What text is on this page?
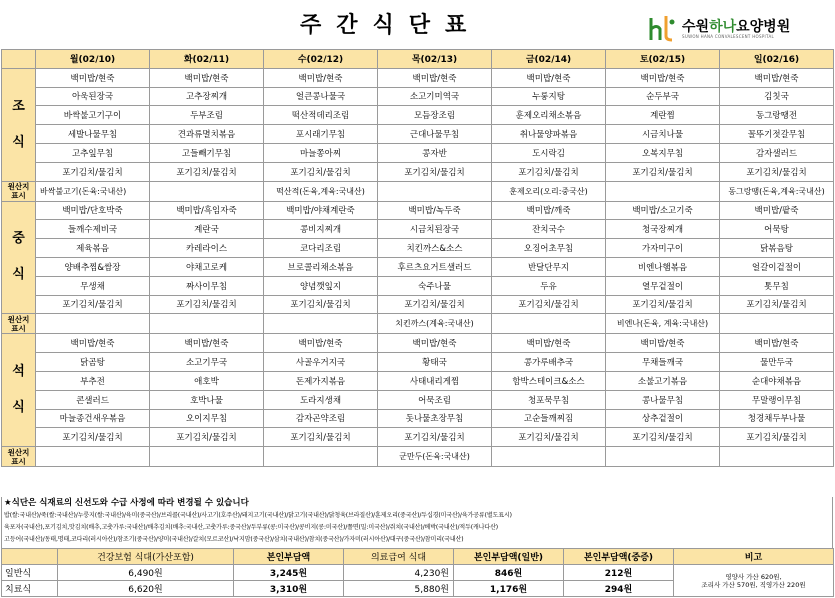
주간식단표	수원하나요양병원
SUWON HANA CONVALESCENT HOSPITAL
	월(02/10)	화(02/11)	수(02/12)	목(02/13)	금(02/14)	토(02/15)	일(02/16)
조

식	백미밥/현죽	백미밥/현죽	백미밥/현죽	백미밥/현죽	백미밥/현죽	백미밥/현죽	백미밥/현죽
	아욱된장국	고추장찌개	얼큰콩나물국	소고기미역국	누룽지탕	순두부국	김칫국
	바싹불고기구이	두부조림	떡산적데리조림	모듬장조림	훈제오리채소볶음	계란찜	동그랑땡전
	세발나물무침	견과류멸치볶음	포시래기무침	근대나물무침	취나물양파볶음	시금치나물	꼴뚜기젓갈무침
	고추잎무침	고들빼기무침	마늘쫑아찌	콩자반	도시락김	오복지무침	감자샐러드
	포기김치/물김치	포기김치/물김치	포기김치/물김치	포기김치/물김치	포기김치/물김치	포기김치/물김치	포기김치/물김치
원산지
표시	바싹불고기(돈육:국내산)		떡산적(돈육,계육:국내산)		훈제오리(오리:중국산)		동그랑땡(돈육,계육:국내산)
중

식	백미밥/단호박죽	백미밥/흑임자죽	백미밥/야채계란죽	백미밥/녹두죽	백미밥/깨죽	백미밥/소고기죽	백미밥/팥죽
	들깨수제비국	계란국	콩비지찌개	시금치된장국	잔치국수	청국장찌개	어묵탕
	제육볶음	카레라이스	코다리조림	치킨까스&소스	오징어초무침	가자미구이	닭볶음탕
	양배추찜&쌈장	야채고로케	브로콜리채소볶음	후르츠요거트샐러드	반달단무지	비엔나햄볶음	얼갈이겉절이
	무생채	짜사이무침	양념깻잎지	숙주나물	두유	열무겉절이	톳무침
	포기김치/물김치	포기김치/물김치	포기김치/물김치	포기김치/물김치	포기김치/물김치	포기김치/물김치	포기김치/물김치
원산지
표시				치킨까스(계육:국내산)		비엔나(돈육, 계육:국내산)	
석

식	백미밥/현죽	백미밥/현죽	백미밥/현죽	백미밥/현죽	백미밥/현죽	백미밥/현죽	백미밥/현죽
	닭곰탕	소고기무국	사골우거지국	황태국	콩가루배추국	무채들깨국	물만두국
	부추전	애호박	돈제가지볶음	사태내리게찜	함박스테이크&소스	소불고기볶음	순대야채볶음
	콘샐러드	호박나물	도라지생채	어묵조림	청포묵무침	콩나물무침	무말랭이무침
	마늘종건새우볶음	오이지무침	감자곤약조림	돗나물초장무침	고순들깨찌짐	상추겉절이	청경채두부나물
	포기김치/물김치	포기김치/물김치	포기김치/물김치	포기김치/물김치	포기김치/물김치	포기김치/물김치	포기김치/물김치
원산지
표시				군만두(돈육:국내산)			
★식단은 식재료의 신선도와 수급 사정에 따라 변경될 수 있습니다
밥(쌀:국내산)/죽(쌀:국내산)/누룽지(쌀:국내산)/육미(중국산)/브리콜(국내산)/사고기(호주산)/돼지고기(국내산)/닭고기(국내산)/닭청육(브라질산)/훈제오리(중국산)/두십경(미국산)/육가공류(별도표시)
육포자(국내산),포기김치,맛김치(배추,고춧가루:국내산)/배추김치(배추:국내산,고춧가루:중국산)/두부류(콩:미국산)/콩비지(콩:미국산)/쫄면(밀:미국산)/쥐치(국내산)/베박(국내산)/적두(캐나다산)
고등어(국내산)/동태,명태,코다리(러시아산)/참조기(중국산)/양미(국내산)/갈치(모르코산)/낙지맘(중국산)/삼치(국내산)/참치(중국산)/가자미(러시아산)/대구(중국산)/참미리(국내산)
	건강보험 식대(가산포함)	본인부담액	의료급여 식대	본인부담액(일반)	본인부담액(중증)	비고
일반식	6,490원	3,245원	4,230원	846원	212원	영양사 가산 620원,
조리사 가산 570원, 직영가산 220원

치료식	6,620원	3,310원	5,880원	1,176원	294원	
